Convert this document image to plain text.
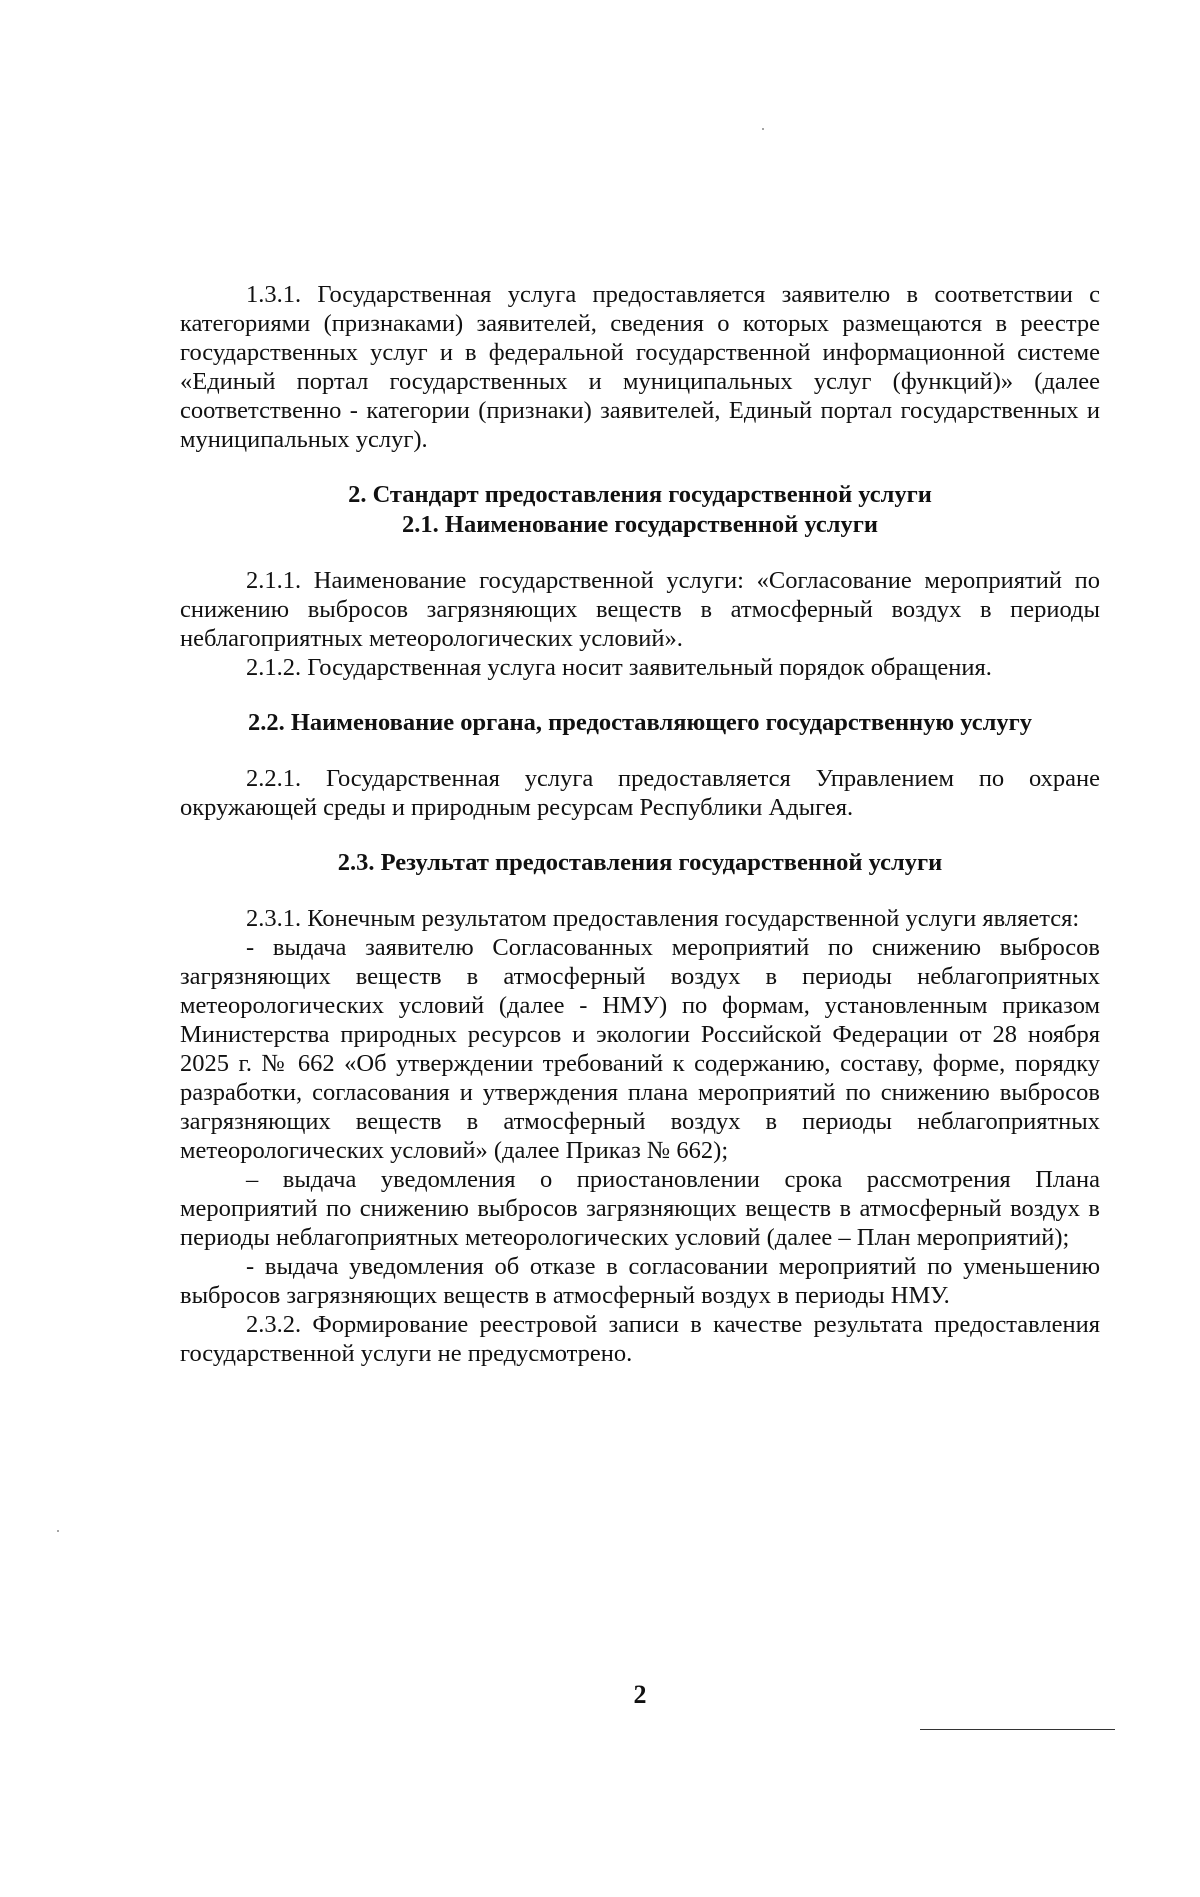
1.3.1. Государственная услуга предоставляется заявителю в соответствии с категориями (признаками) заявителей, сведения о которых размещаются в реестре государственных услуг и в федеральной государственной информационной системе «Единый портал государственных и муниципальных услуг (функций)» (далее соответственно - категории (признаки) заявителей, Единый портал государственных и муниципальных услуг).

2. Стандарт предоставления государственной услуги
2.1. Наименование государственной услуги

2.1.1. Наименование государственной услуги: «Согласование мероприятий по снижению выбросов загрязняющих веществ в атмосферный воздух в периоды неблагоприятных метеорологических условий».

2.1.2. Государственная услуга носит заявительный порядок обращения.

2.2. Наименование органа, предоставляющего государственную услугу

2.2.1. Государственная услуга предоставляется Управлением по охране окружающей среды и природным ресурсам Республики Адыгея.

2.3. Результат предоставления государственной услуги

2.3.1. Конечным результатом предоставления государственной услуги является:

- выдача заявителю Согласованных мероприятий по снижению выбросов загрязняющих веществ в атмосферный воздух в периоды неблагоприятных метеорологических условий (далее - НМУ) по формам, установленным приказом Министерства природных ресурсов и экологии Российской Федерации от 28 ноября 2025 г. № 662 «Об утверждении требований к содержанию, составу, форме, порядку разработки, согласования и утверждения плана мероприятий по снижению выбросов загрязняющих веществ в атмосферный воздух в периоды неблагоприятных метеорологических условий» (далее Приказ № 662);

– выдача уведомления о приостановлении срока рассмотрения Плана мероприятий по снижению выбросов загрязняющих веществ в атмосферный воздух в периоды неблагоприятных метеорологических условий (далее – План мероприятий);

- выдача уведомления об отказе в согласовании мероприятий по уменьшению выбросов загрязняющих веществ в атмосферный воздух в периоды НМУ.

2.3.2. Формирование реестровой записи в качестве результата предоставления государственной услуги не предусмотрено.

2
